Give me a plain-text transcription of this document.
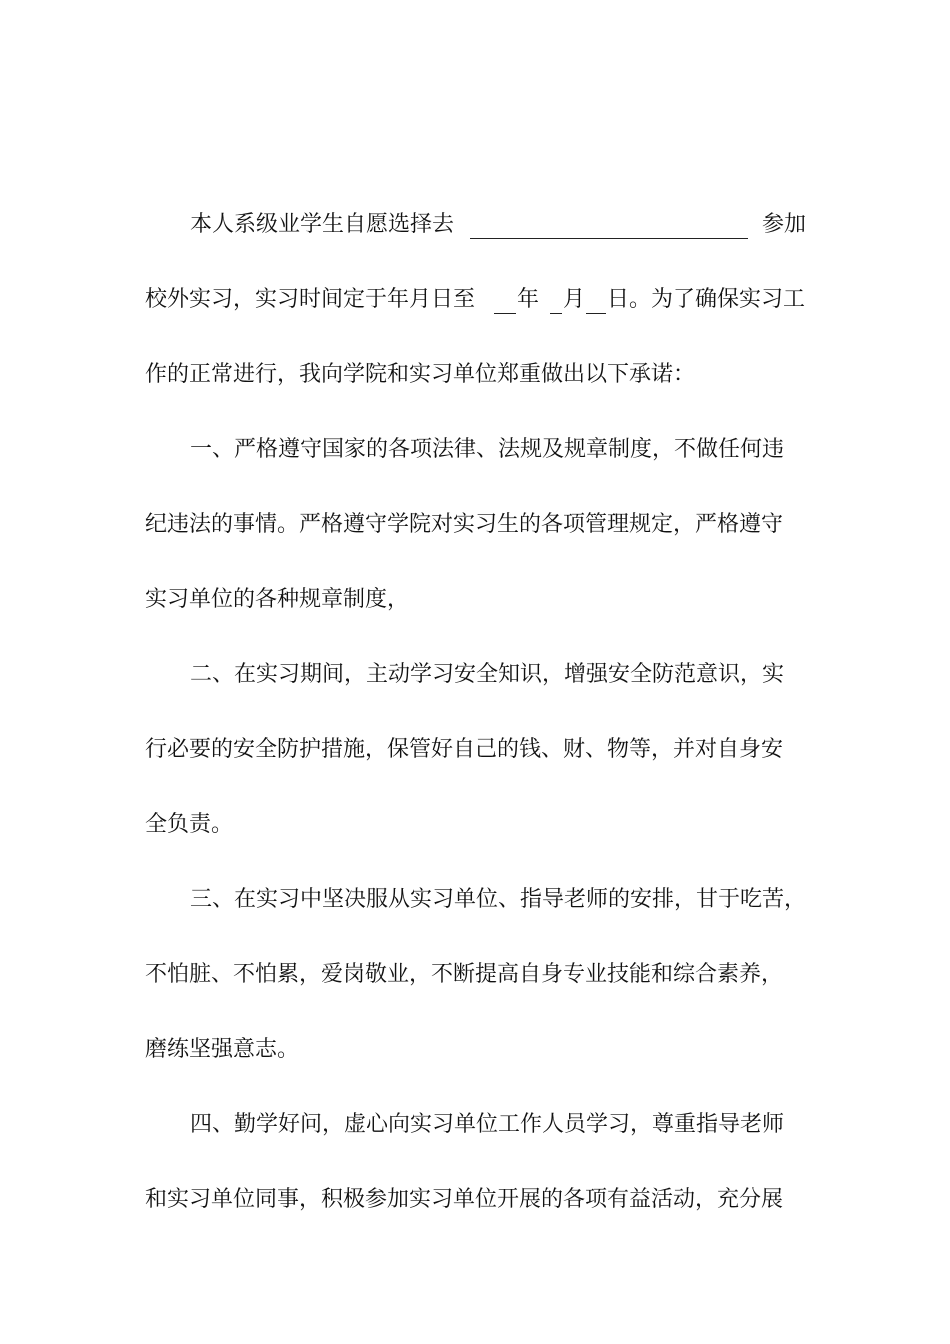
本人系级业学生自愿选择去	参加
校外实习，实习时间定于年月日至 年 月 日。为了确保实习工
作的正常进行，我向学院和实习单位郑重做出以下承诺：
一、严格遵守国家的各项法律、法规及规章制度，不做任何违
纪违法的事情。严格遵守学院对实习生的各项管理规定，严格遵守
实习单位的各种规章制度，
二、在实习期间，主动学习安全知识，增强安全防范意识，实
行必要的安全防护措施，保管好自己的钱、财、物等，并对自身安
全负责。
三、在实习中坚决服从实习单位、指导老师的安排，甘于吃苦，
不怕脏、不怕累，爱岗敬业，不断提高自身专业技能和综合素养，
磨练坚强意志。
四、勤学好问，虚心向实习单位工作人员学习，尊重指导老师
和实习单位同事，积极参加实习单位开展的各项有益活动，充分展
